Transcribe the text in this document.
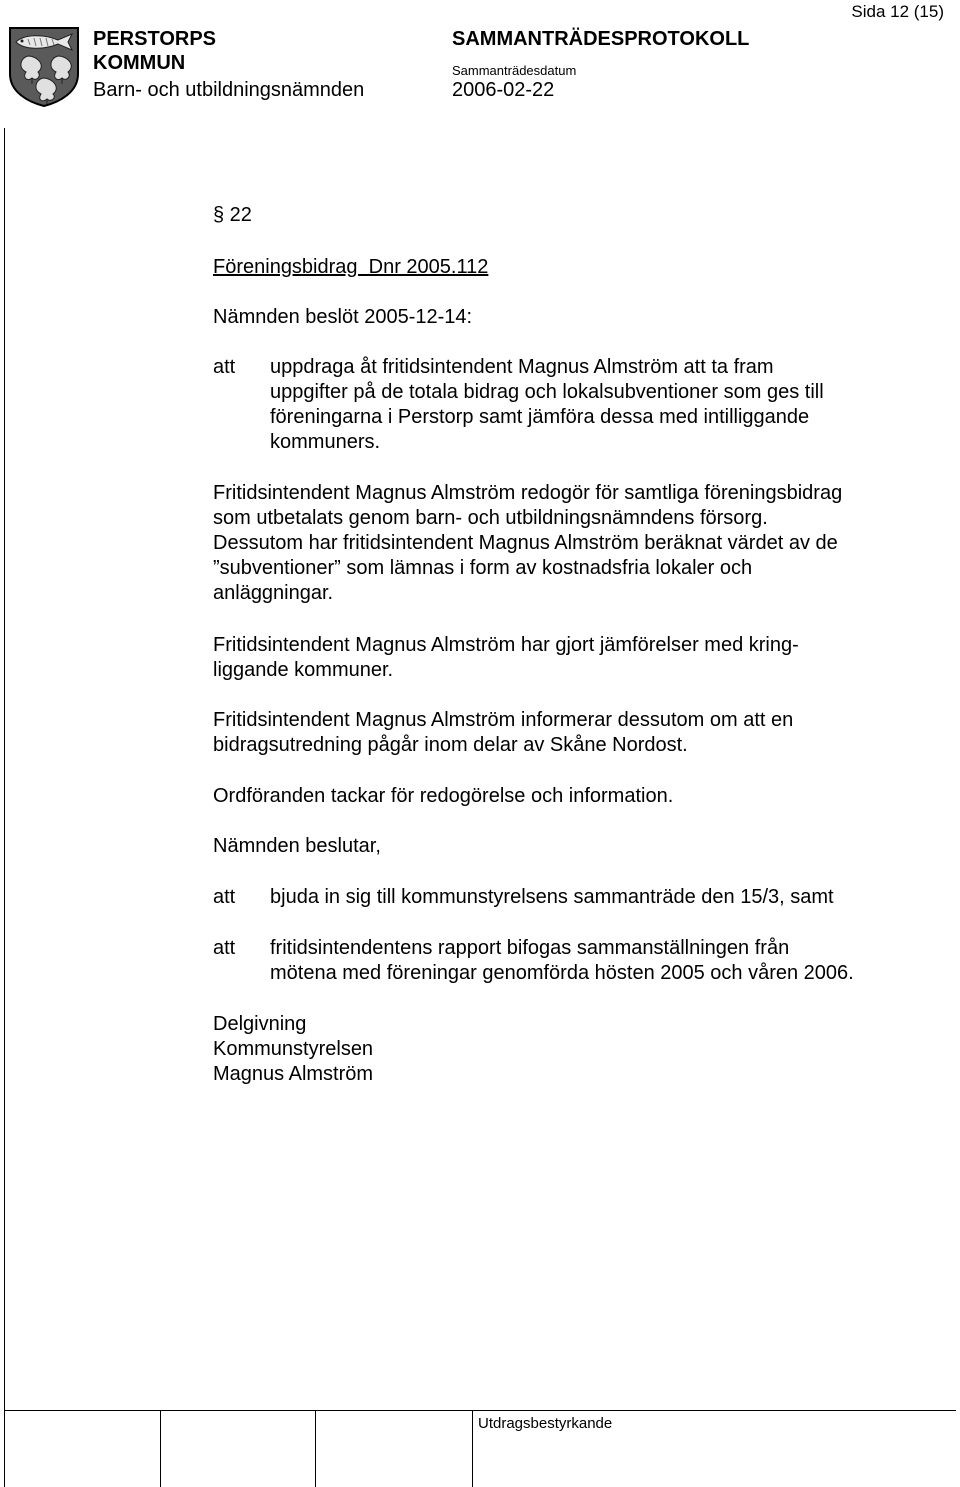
Sida 12 (15)
PERSTORPS
KOMMUN
Barn- och utbildningsnämnden
SAMMANTRÄDESPROTOKOLL
Sammanträdesdatum
2006-02-22
§ 22
Föreningsbidrag  Dnr 2005.112
Nämnden beslöt 2005-12-14:
att uppdraga åt fritidsintendent Magnus Almström att ta fram
uppgifter på de totala bidrag och lokalsubventioner som ges till
föreningarna i Perstorp samt jämföra dessa med intilliggande
kommuners.
Fritidsintendent Magnus Almström redogör för samtliga föreningsbidrag
som utbetalats genom barn- och utbildningsnämndens försorg.
Dessutom har fritidsintendent Magnus Almström beräknat värdet av de
”subventioner” som lämnas i form av kostnadsfria lokaler och
anläggningar.
Fritidsintendent Magnus Almström har gjort jämförelser med kring-
liggande kommuner.
Fritidsintendent Magnus Almström informerar dessutom om att en
bidragsutredning pågår inom delar av Skåne Nordost.
Ordföranden tackar för redogörelse och information.
Nämnden beslutar,
att bjuda in sig till kommunstyrelsens sammanträde den 15/3, samt
att fritidsintendentens rapport bifogas sammanställningen från
mötena med föreningar genomförda hösten 2005 och våren 2006.
Delgivning
Kommunstyrelsen
Magnus Almström
Utdragsbestyrkande
